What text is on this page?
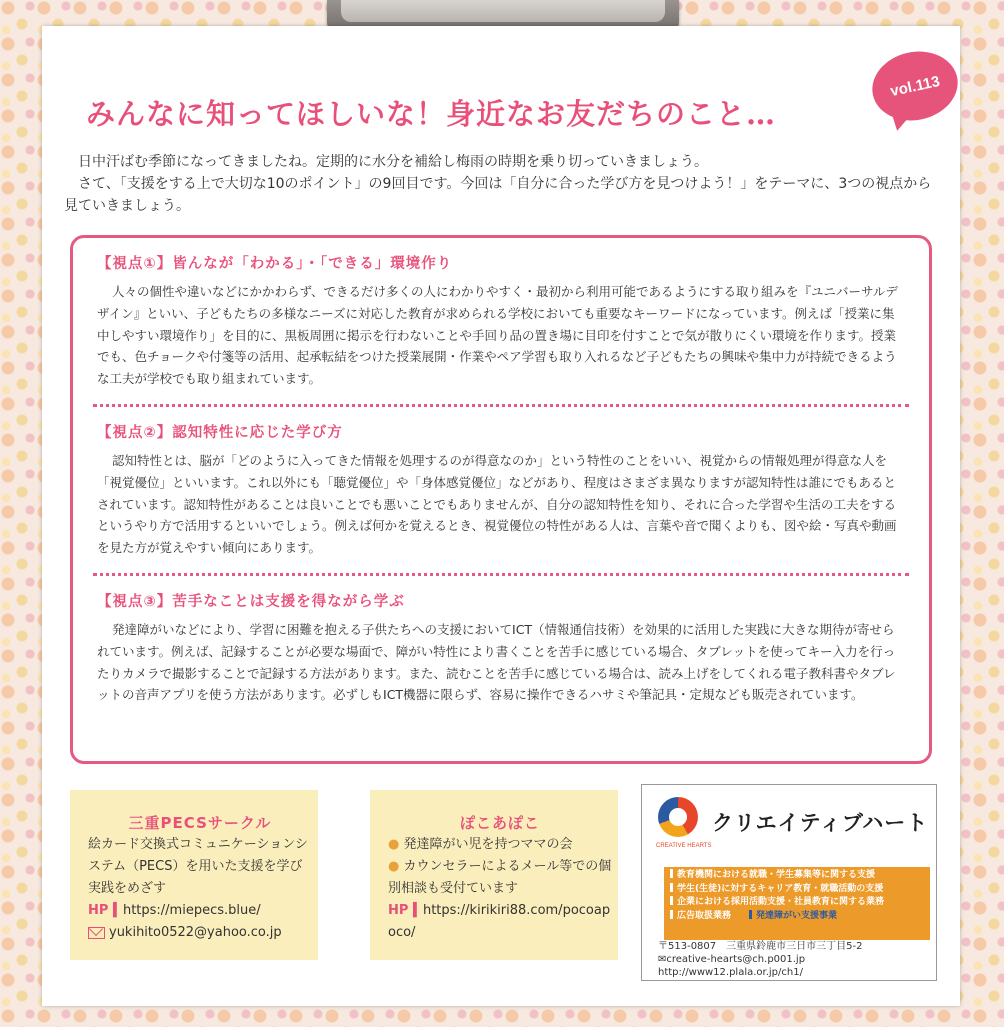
vol.113
みんなに知ってほしいな！身近なお友だちのこと…

日中汗ばむ季節になってきましたね。定期的に水分を補給し梅雨の時期を乗り切っていきましょう。

さて、「支援をする上で大切な10のポイント」の9回目です。今回は「自分に合った学び方を見つけよう！」をテーマに、3つの視点から見ていきましょう。

【視点①】皆んなが「わかる」・「できる」環境作り
人々の個性や違いなどにかかわらず、できるだけ多くの人にわかりやすく・最初から利用可能であるようにする取り組みを『ユニバーサルデザイン』といい、子どもたちの多様なニーズに対応した教育が求められる学校においても重要なキーワードになっています。例えば「授業に集中しやすい環境作り」を目的に、黒板周囲に掲示を行わないことや手回り品の置き場に目印を付すことで気が散りにくい環境を作ります。授業でも、色チョークや付箋等の活用、起承転結をつけた授業展開・作業やペア学習も取り入れるなど子どもたちの興味や集中力が持続できるような工夫が学校でも取り組まれています。
【視点②】認知特性に応じた学び方
認知特性とは、脳が「どのように入ってきた情報を処理するのが得意なのか」という特性のことをいい、視覚からの情報処理が得意な人を「視覚優位」といいます。これ以外にも「聴覚優位」や「身体感覚優位」などがあり、程度はさまざま異なりますが認知特性は誰にでもあるとされています。認知特性があることは良いことでも悪いことでもありませんが、自分の認知特性を知り、それに合った学習や生活の工夫をするというやり方で活用するといいでしょう。例えば何かを覚えるとき、視覚優位の特性がある人は、言葉や音で聞くよりも、図や絵・写真や動画を見た方が覚えやすい傾向にあります。
【視点③】苦手なことは支援を得ながら学ぶ
発達障がいなどにより、学習に困難を抱える子供たちへの支援においてICT（情報通信技術）を効果的に活用した実践に大きな期待が寄せられています。例えば、記録することが必要な場面で、障がい特性により書くことを苦手に感じている場合、タブレットを使ってキー入力を行ったりカメラで撮影することで記録する方法があります。また、読むことを苦手に感じている場合は、読み上げをしてくれる電子教科書やタブレットの音声アプリを使う方法があります。必ずしもICT機器に限らず、容易に操作できるハサミや筆記具・定規なども販売されています。
三重PECSサークル
絵カード交換式コミュニケーションシステム（PECS）を用いた支援を学び実践をめざす
HP ▍https://miepecs.blue/
yukihito0522@yahoo.co.jp
ぽこあぽこ
● 発達障がい児を持つママの会
● カウンセラーによるメール等での個別相談も受付ています
HP ▍https://kirikiri88.com/pocoapoco/
CREATIVE HEARTS
クリエイティブハート
教育機関における就職・学生募集等に関する支援
学生(生徒)に対するキャリア教育・就職活動の支援
企業における採用活動支援・社員教育に関する業務
広告取扱業務　　	発達障がい支援事業
〒513-0807　三重県鈴鹿市三日市三丁目5-2
✉creative-hearts@ch.p001.jp
http://www12.plala.or.jp/ch1/
